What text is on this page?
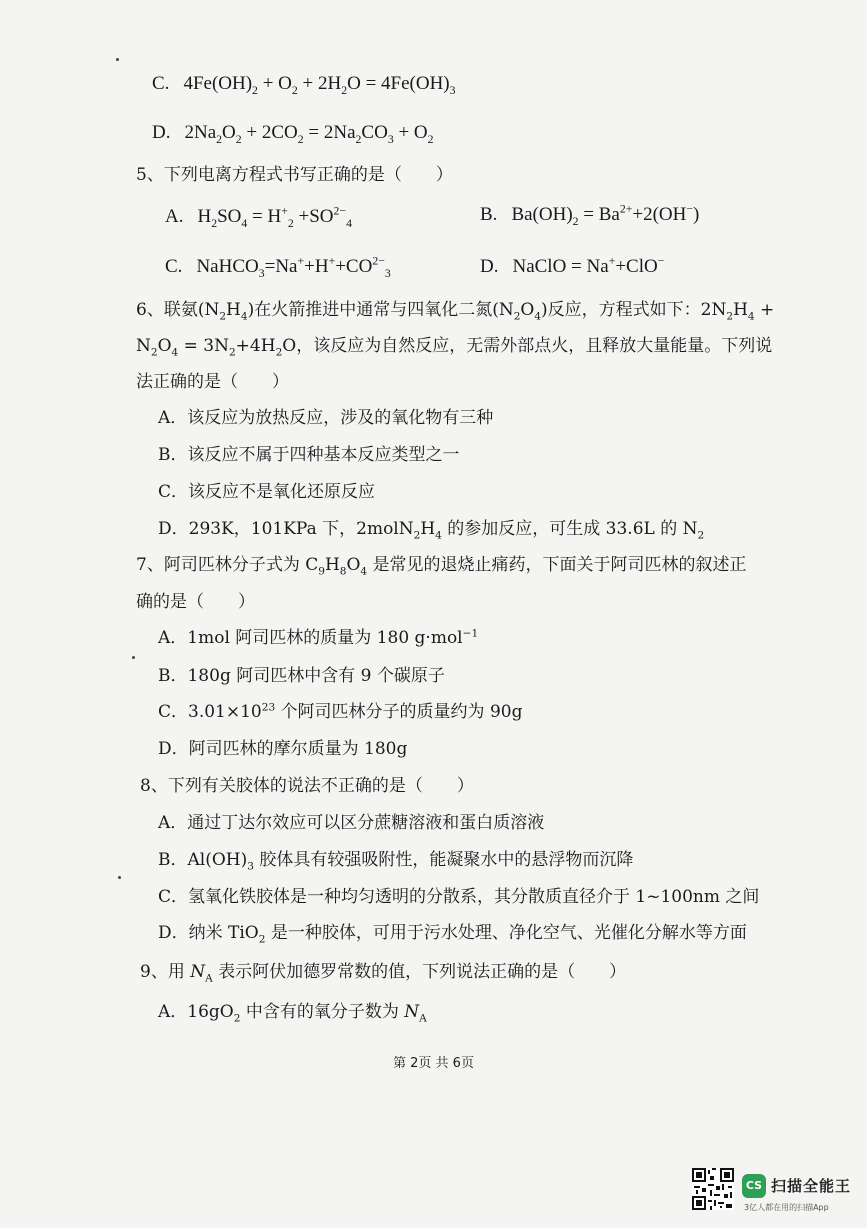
C. $4Fe(OH)_2 + O_2 + 2H_2O = 4Fe(OH)_3$
D. $2Na_2O_2 + 2CO_2 = 2Na_2CO_3 + O_2$
5、下列电离方程式书写正确的是（　　）
A. $H_2SO_4 = H^+_2 +SO^{2-}_4$	B. $Ba(OH)_2 = Ba^{2+}+2(OH^-)$
C. $NaHCO_3=Na^++H^++CO^{2-}_3$	D. NaClO = Na++ClO−
6、联氨$(N_2H_4)$在火箭推进中通常与四氧化二氮$(N_2O_4)$反应，方程式如下：$2N_2H_4$ +
$N_2O_4 = 3N_2+4H_2O$，该反应为自然反应，无需外部点火，且释放大量能量。下列说
法正确的是（　　）
A．该反应为放热反应，涉及的氧化物有三种
B．该反应不属于四种基本反应类型之一
C．该反应不是氧化还原反应
D．293K，101KPa 下，$2molN_2H_4$ 的参加反应，可生成 33.6L 的 $N_2$
7、阿司匹林分子式为 $C_9H_8O_4$ 是常见的退烧止痛药，下面关于阿司匹林的叙述正
确的是（　　）
A．1mol 阿司匹林的质量为 180 g·mol$^{-1}$
B．180g 阿司匹林中含有 9 个碳原子
C．$3.01\times 10^{23}$ 个阿司匹林分子的质量约为 90g
D．阿司匹林的摩尔质量为 180g
8、下列有关胶体的说法不正确的是（　　）
A．通过丁达尔效应可以区分蔗糖溶液和蛋白质溶液
B．$Al(OH)_3$ 胶体具有较强吸附性，能凝聚水中的悬浮物而沉降
C．氢氧化铁胶体是一种均匀透明的分散系，其分散质直径介于 1~100nm 之间
D．纳米 TiO$_2$ 是一种胶体，可用于污水处理、净化空气、光催化分解水等方面
9、用 $N_A$ 表示阿伏加德罗常数的值，下列说法正确的是（　　）
A．$16gO_2$ 中含有的氧分子数为 $N_A$
第 2页 共 6页
CS 扫描全能王
3亿人都在用的扫描App
